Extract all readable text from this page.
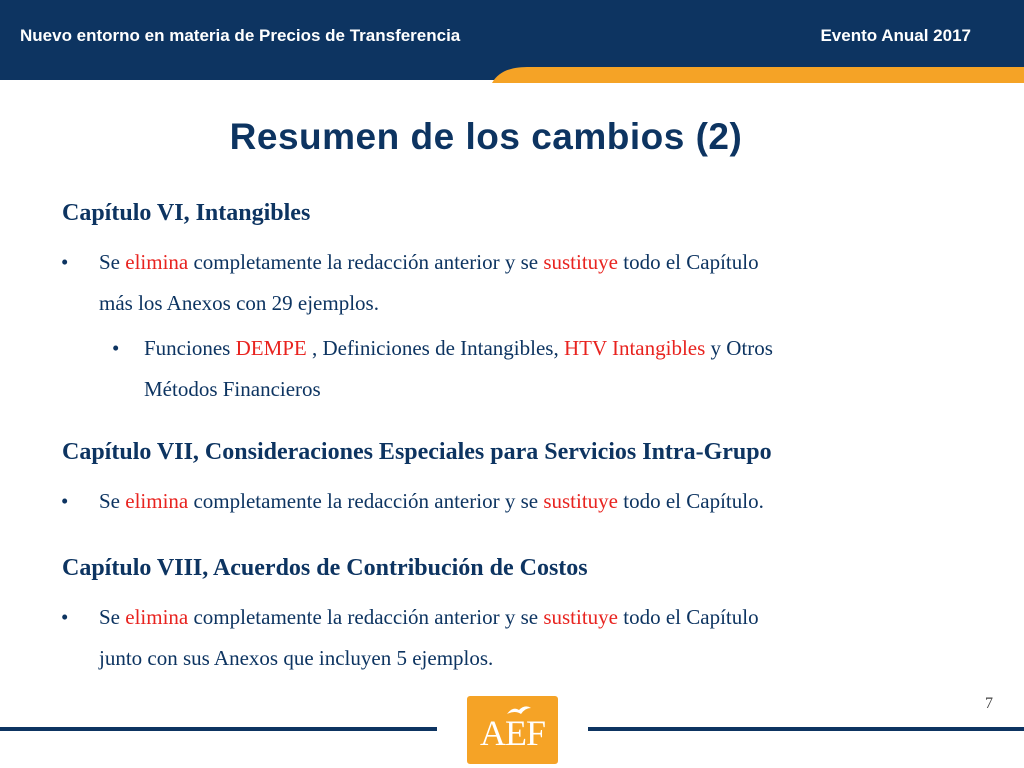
Nuevo entorno en materia de Precios de Transferencia	Evento Anual 2017
Resumen de los cambios (2)
Capítulo VI, Intangibles
• Se elimina completamente la redacción anterior y se sustituye todo el Capítulo
más los Anexos con 29 ejemplos.
• Funciones DEMPE , Definiciones de Intangibles, HTV Intangibles y Otros
Métodos Financieros
Capítulo VII, Consideraciones Especiales para Servicios Intra-Grupo
• Se elimina completamente la redacción anterior y se sustituye todo el Capítulo.
Capítulo VIII, Acuerdos de Contribución de Costos
• Se elimina completamente la redacción anterior y se sustituye todo el Capítulo
junto con sus Anexos que incluyen 5 ejemplos.
7
AEF
